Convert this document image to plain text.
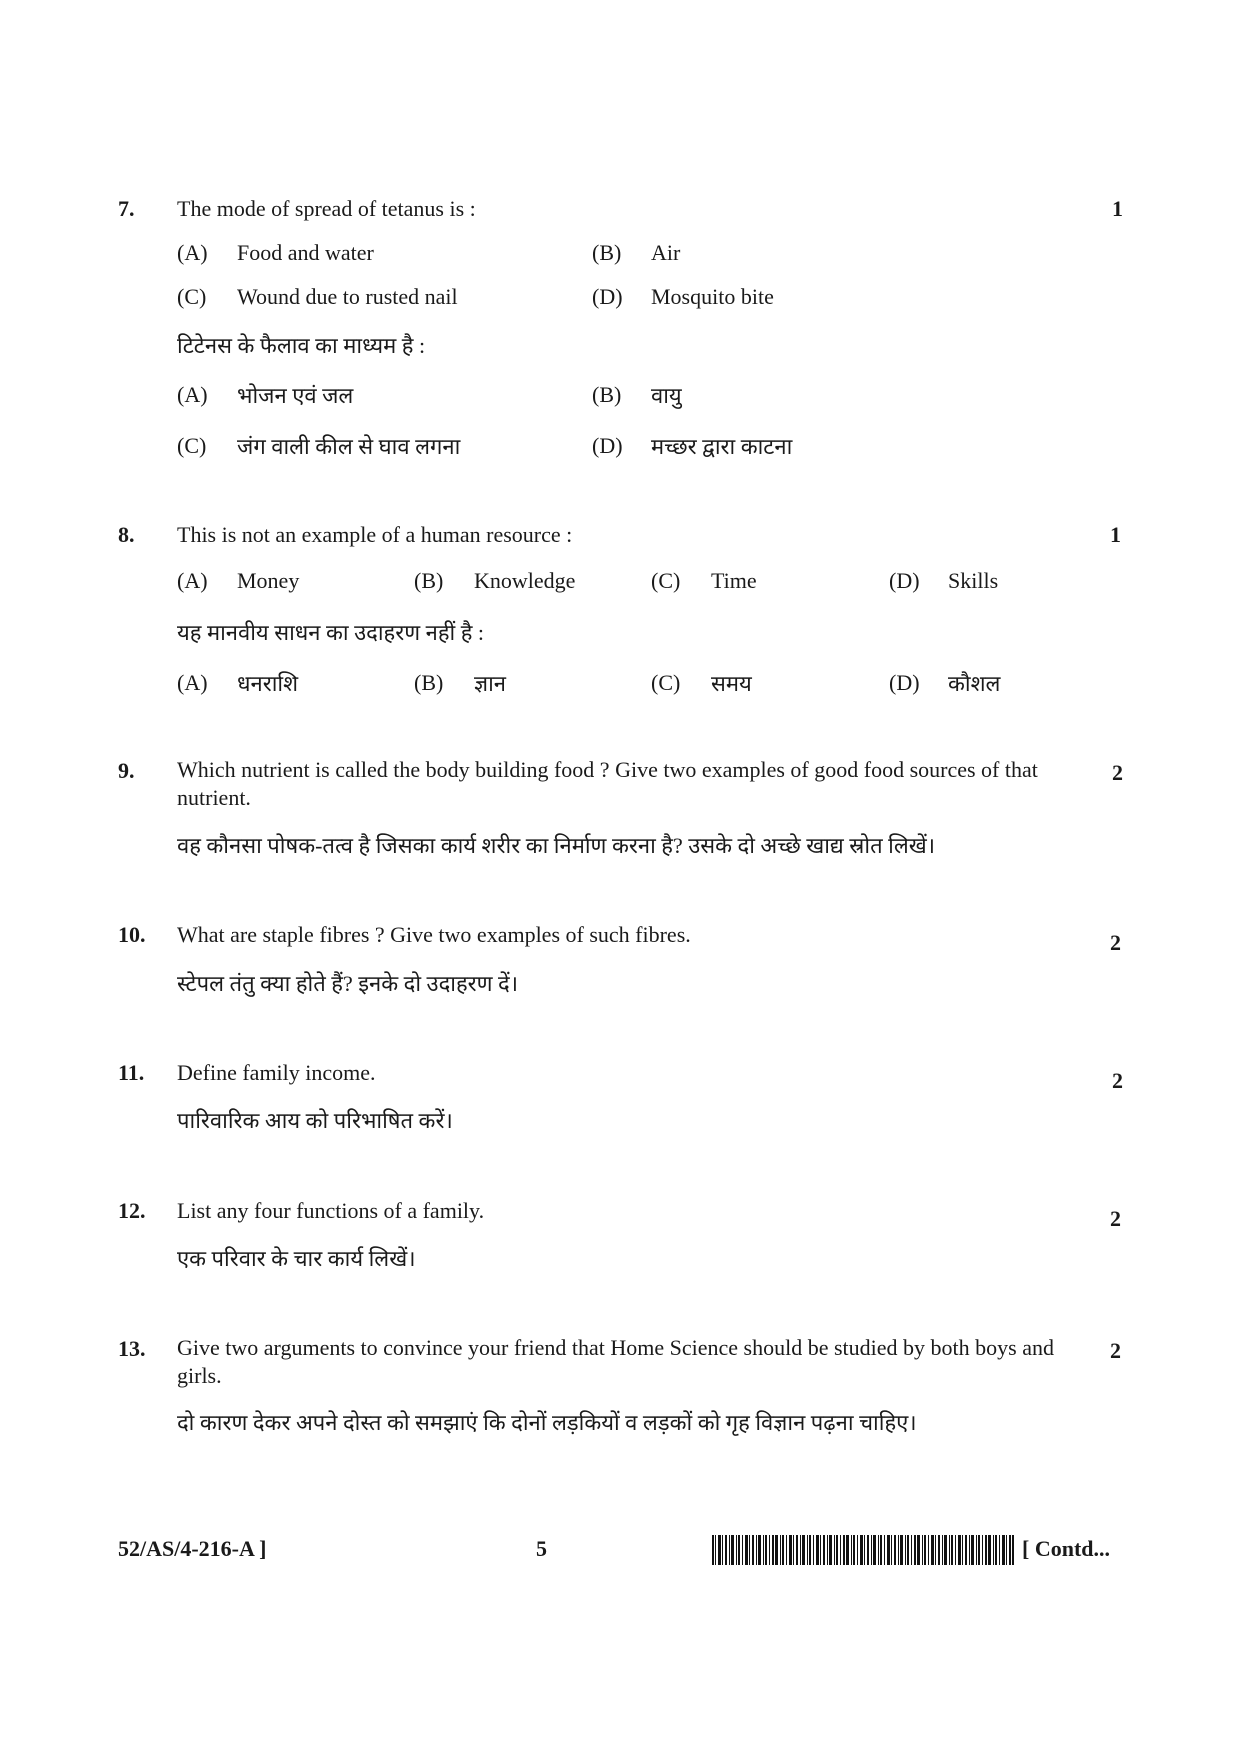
7. The mode of spread of tetanus is :	1
(A) Food and water	(B) Air
(C) Wound due to rusted nail	(D) Mosquito bite
टिटेनस के फैलाव का माध्यम है :
(A) भोजन एवं जल	(B) वायु
(C) जंग वाली कील से घाव लगना	(D) मच्छर द्वारा काटना
8. This is not an example of a human resource :	1
(A) Money	(B) Knowledge	(C) Time	(D) Skills
यह मानवीय साधन का उदाहरण नहीं है :
(A) धनराशि	(B) ज्ञान	(C) समय	(D) कौशल
9. Which nutrient is called the body building food ? Give two examples of good food sources of that nutrient.
2
वह कौनसा पोषक-तत्व है जिसका कार्य शरीर का निर्माण करना है? उसके दो अच्छे खाद्य स्रोत लिखें।
10. What are staple fibres ? Give two examples of such fibres.	2
स्टेपल तंतु क्या होते हैं? इनके दो उदाहरण दें।
11. Define family income.	2
पारिवारिक आय को परिभाषित करें।
12. List any four functions of a family.	2
एक परिवार के चार कार्य लिखें।
13. Give two arguments to convince your friend that Home Science should be studied by both boys and girls.
2
दो कारण देकर अपने दोस्त को समझाएं कि दोनों लड़कियों व लड़कों को गृह विज्ञान पढ़ना चाहिए।
52/AS/4-216-A ]	5	[ Contd...
